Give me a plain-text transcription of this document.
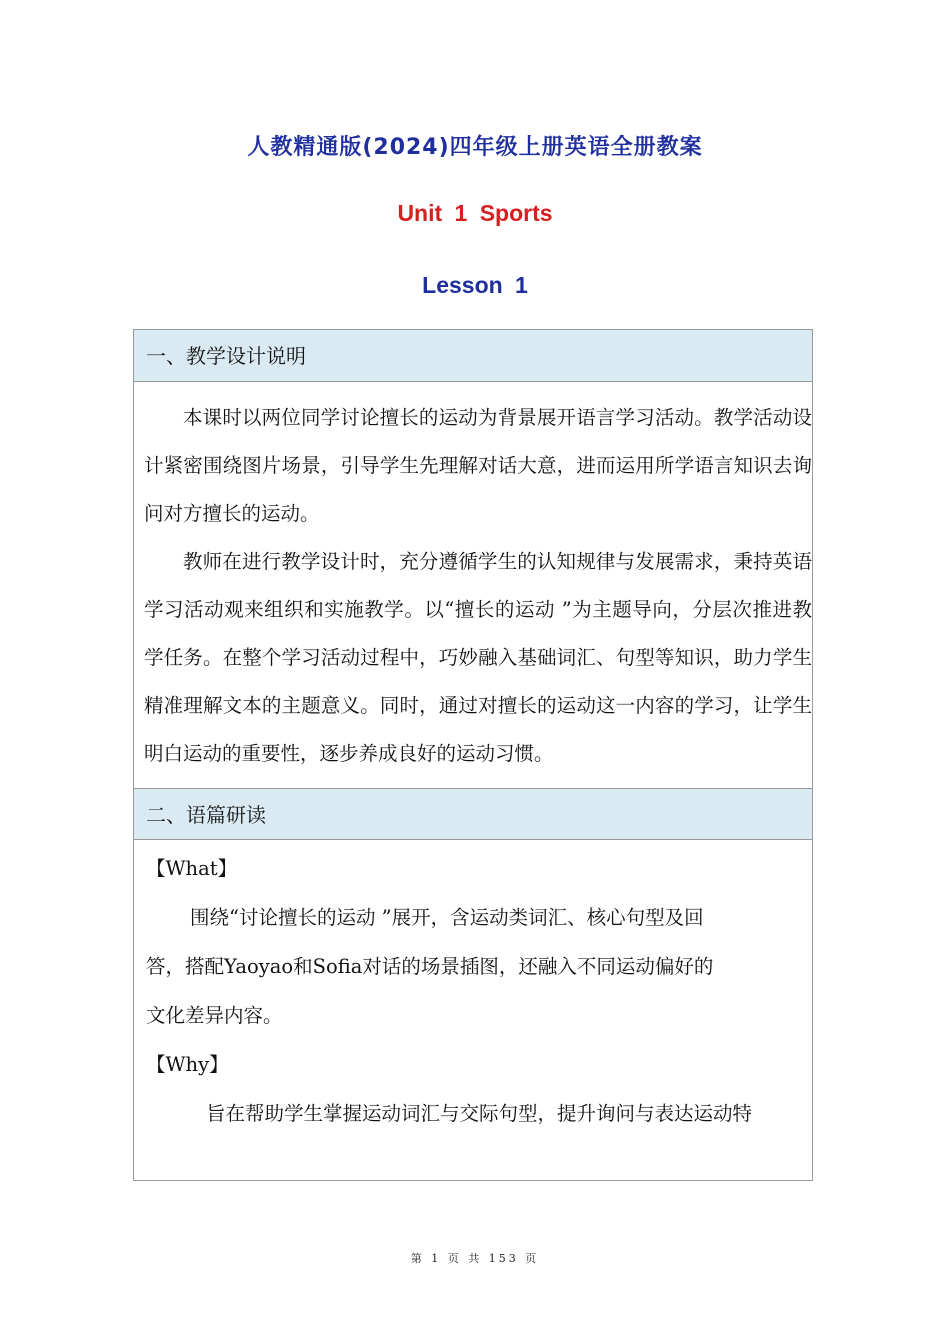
人教精通版(2024)四年级上册英语全册教案
Unit 1 Sports
Lesson 1
一、教学设计说明

本课时以两位同学讨论擅长的运动为背景展开语言学习活动。教学活动设计紧密围绕图片场景，引导学生先理解对话大意，进而运用所学语言知识去询问对方擅长的运动。

教师在进行教学设计时，充分遵循学生的认知规律与发展需求，秉持英语学习活动观来组织和实施教学。以“擅长的运动 ”为主题导向，分层次推进教学任务。在整个学习活动过程中，巧妙融入基础词汇、句型等知识，助力学生精准理解文本的主题意义。同时，通过对擅长的运动这一内容的学习，让学生明白运动的重要性，逐步养成良好的运动习惯。

二、语篇研读

【What】

围绕“讨论擅长的运动 ”展开，含运动类词汇、核心句型及回

答，搭配Yaoyao和Sofia对话的场景插图，还融入不同运动偏好的

文化差异内容。

【Why】

旨在帮助学生掌握运动词汇与交际句型，提升询问与表达运动特

第 1 页 共 153 页
